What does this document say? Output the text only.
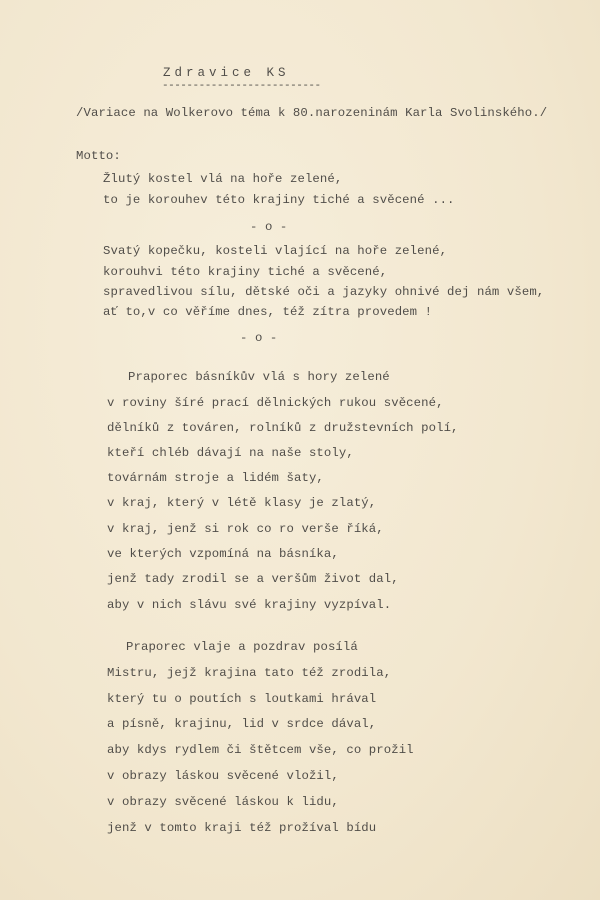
Zdravice KS
--------------------------
/Variace na Wolkerovo téma k 80.narozeninám Karla Svolinského./
Motto:
Žlutý kostel vlá na hoře zelené,
to je korouhev této krajiny tiché a svěcené ...
- o -
Svatý kopečku, kosteli vlající na hoře zelené,
korouhvi této krajiny tiché a svěcené,
spravedlivou sílu, dětské oči a jazyky ohnivé dej nám všem,
ať to,v co věříme dnes, též zítra provedem !
- o -
Praporec básníkův vlá s hory zelené
v roviny šíré prací dělnických rukou svěcené,
dělníků z továren, rolníků z družstevních polí,
kteří chléb dávají na naše stoly,
továrnám stroje a lidém šaty,
v kraj, který v létě klasy je zlatý,
v kraj, jenž si rok co ro verše říká,
ve kterých vzpomíná na básníka,
jenž tady zrodil se a veršům život dal,
aby v nich slávu své krajiny vyzpíval.
Praporec vlaje a pozdrav posílá
Mistru, jejž krajina tato též zrodila,
který tu o poutích s loutkami hrával
a písně, krajinu, lid v srdce dával,
aby kdys rydlem či štětcem vše, co prožil
v obrazy láskou svěcené vložil,
v obrazy svěcené láskou k lidu,
jenž v tomto kraji též prožíval bídu
